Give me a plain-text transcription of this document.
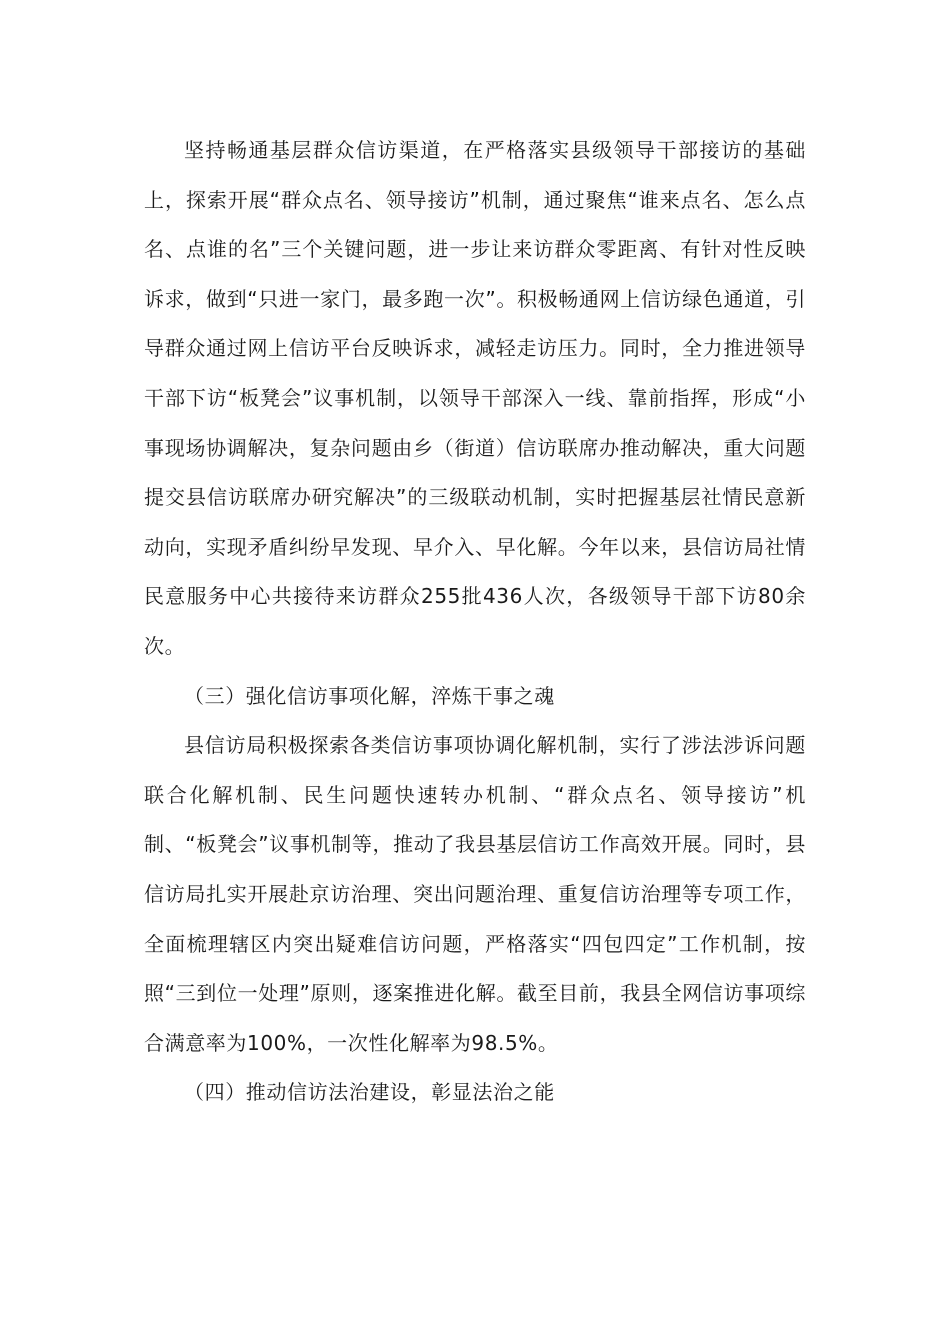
坚持畅通基层群众信访渠道，在严格落实县级领导干部接访的基础上，探索开展“群众点名、领导接访”机制，通过聚焦“谁来点名、怎么点名、点谁的名”三个关键问题，进一步让来访群众零距离、有针对性反映诉求，做到“只进一家门，最多跑一次”。积极畅通网上信访绿色通道，引导群众通过网上信访平台反映诉求，减轻走访压力。同时，全力推进领导干部下访“板凳会”议事机制，以领导干部深入一线、靠前指挥，形成“小事现场协调解决，复杂问题由乡（街道）信访联席办推动解决，重大问题提交县信访联席办研究解决”的三级联动机制，实时把握基层社情民意新动向，实现矛盾纠纷早发现、早介入、早化解。今年以来，县信访局社情民意服务中心共接待来访群众255批436人次，各级领导干部下访80余次。

（三）强化信访事项化解，淬炼干事之魂

县信访局积极探索各类信访事项协调化解机制，实行了涉法涉诉问题联合化解机制、民生问题快速转办机制、“群众点名、领导接访”机制、“板凳会”议事机制等，推动了我县基层信访工作高效开展。同时，县信访局扎实开展赴京访治理、突出问题治理、重复信访治理等专项工作，全面梳理辖区内突出疑难信访问题，严格落实“四包四定”工作机制，按照“三到位一处理”原则，逐案推进化解。截至目前，我县全网信访事项综合满意率为100%，一次性化解率为98.5%。

（四）推动信访法治建设，彰显法治之能
